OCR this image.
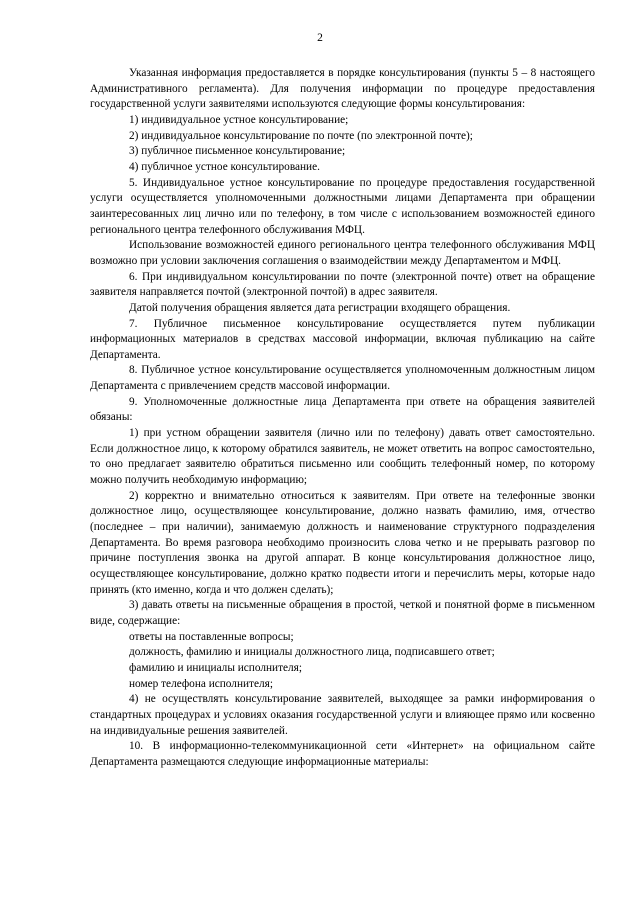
2

Указанная информация предоставляется в порядке консультирования (пункты 5 – 8 настоящего Административного регламента). Для получения информации по процедуре предоставления государственной услуги заявителями используются следующие формы консультирования:

1) индивидуальное устное консультирование;

2) индивидуальное консультирование по почте (по электронной почте);

3) публичное письменное консультирование;

4) публичное устное консультирование.

5. Индивидуальное устное консультирование по процедуре предоставления государственной услуги осуществляется уполномоченными должностными лицами Департамента при обращении заинтересованных лиц лично или по телефону, в том числе с использованием возможностей единого регионального центра телефонного обслуживания МФЦ.

Использование возможностей единого регионального центра телефонного обслуживания МФЦ возможно при условии заключения соглашения о взаимодействии между Департаментом и МФЦ.

6. При индивидуальном консультировании по почте (электронной почте) ответ на обращение заявителя направляется почтой (электронной почтой) в адрес заявителя.

Датой получения обращения является дата регистрации входящего обращения.

7. Публичное письменное консультирование осуществляется путем публикации информационных материалов в средствах массовой информации, включая публикацию на сайте Департамента.

8. Публичное устное консультирование осуществляется уполномоченным должностным лицом Департамента с привлечением средств массовой информации.

9. Уполномоченные должностные лица Департамента при ответе на обращения заявителей обязаны:

1) при устном обращении заявителя (лично или по телефону) давать ответ самостоятельно. Если должностное лицо, к которому обратился заявитель, не может ответить на вопрос самостоятельно, то оно предлагает заявителю обратиться письменно или сообщить телефонный номер, по которому можно получить необходимую информацию;

2) корректно и внимательно относиться к заявителям. При ответе на телефонные звонки должностное лицо, осуществляющее консультирование, должно назвать фамилию, имя, отчество (последнее – при наличии), занимаемую должность и наименование структурного подразделения Департамента. Во время разговора необходимо произносить слова четко и не прерывать разговор по причине поступления звонка на другой аппарат. В конце консультирования должностное лицо, осуществляющее консультирование, должно кратко подвести итоги и перечислить меры, которые надо принять (кто именно, когда и что должен сделать);

3) давать ответы на письменные обращения в простой, четкой и понятной форме в письменном виде, содержащие:

ответы на поставленные вопросы;

должность, фамилию и инициалы должностного лица, подписавшего ответ;

фамилию и инициалы исполнителя;

номер телефона исполнителя;

4) не осуществлять консультирование заявителей, выходящее за рамки информирования о стандартных процедурах и условиях оказания государственной услуги и влияющее прямо или косвенно на индивидуальные решения заявителей.

10. В информационно-телекоммуникационной сети «Интернет» на официальном сайте Департамента размещаются следующие информационные материалы:
